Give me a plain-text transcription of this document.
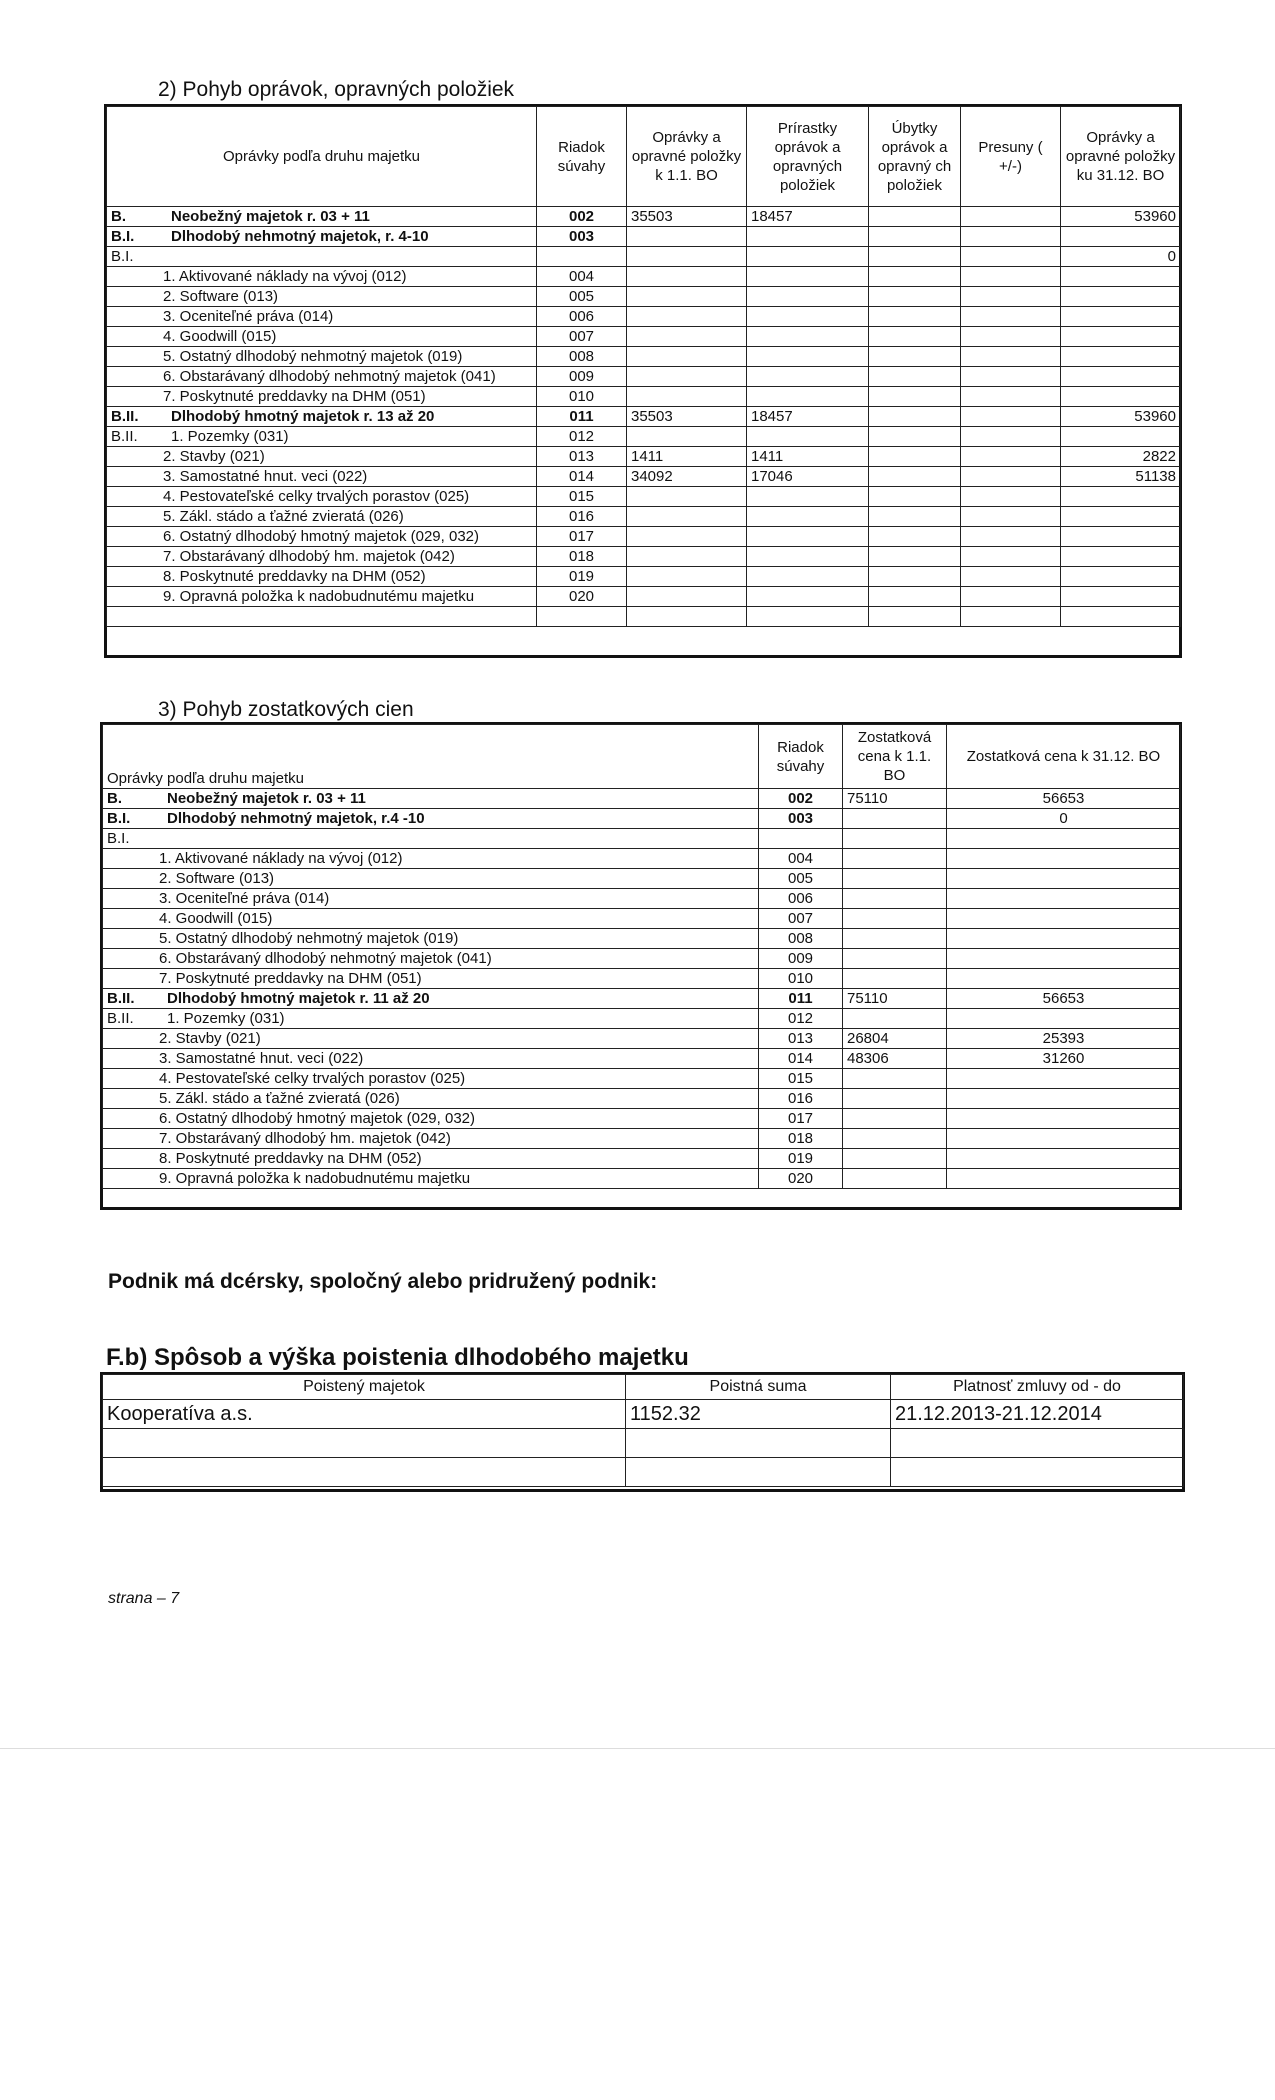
2) Pohyb oprávok, opravných položiek
Oprávky podľa druhu majetku	Riadok súvahy	Oprávky a opravné položky k 1.1. BO	Prírastky oprávok a opravných položiek	Úbytky oprávok a opravný ch položiek	Presuny ( +/-)	Oprávky a opravné položky ku 31.12. BO
B. Neobežný majetok r. 03 + 11	002	35503	18457			53960
B.I. Dlhodobý nehmotný majetok, r. 4-10	003					
B.I.						0
1. Aktivované náklady na vývoj (012)	004					
2. Software (013)	005					
3. Oceniteľné práva (014)	006					
4. Goodwill (015)	007					
5. Ostatný dlhodobý nehmotný majetok (019)	008					
6. Obstarávaný dlhodobý nehmotný majetok (041)	009					
7. Poskytnuté preddavky na DHM (051)	010					
B.II. Dlhodobý hmotný majetok r. 13 až 20	011	35503	18457			53960
B.II. 1. Pozemky (031)	012					
2. Stavby (021)	013	1411	1411			2822
3. Samostatné hnut. veci (022)	014	34092	17046			51138
4. Pestovateľské celky trvalých porastov (025)	015					
5. Zákl. stádo a ťažné zvieratá (026)	016					
6. Ostatný dlhodobý hmotný majetok (029, 032)	017					
7. Obstarávaný dlhodobý hm. majetok (042)	018					
8. Poskytnuté preddavky na DHM (052)	019					
9. Opravná položka k nadobudnutému majetku	020					

3) Pohyb zostatkových cien
Oprávky podľa druhu majetku	Riadok súvahy	Zostatková cena k 1.1. BO	Zostatková cena k 31.12. BO
B. Neobežný majetok r. 03 + 11	002	75110	56653
B.I. Dlhodobý nehmotný majetok, r.4 -10	003		0
B.I.			
1. Aktivované náklady na vývoj (012)	004		
2. Software (013)	005		
3. Oceniteľné práva (014)	006		
4. Goodwill (015)	007		
5. Ostatný dlhodobý nehmotný majetok (019)	008		
6. Obstarávaný dlhodobý nehmotný majetok (041)	009		
7. Poskytnuté preddavky na DHM (051)	010		
B.II. Dlhodobý hmotný majetok r. 11 až 20	011	75110	56653
B.II. 1. Pozemky (031)	012		
2. Stavby (021)	013	26804	25393
3. Samostatné hnut. veci (022)	014	48306	31260
4. Pestovateľské celky trvalých porastov (025)	015		
5. Zákl. stádo a ťažné zvieratá (026)	016		
6. Ostatný dlhodobý hmotný majetok (029, 032)	017		
7. Obstarávaný dlhodobý hm. majetok (042)	018		
8. Poskytnuté preddavky na DHM (052)	019		
9. Opravná položka k nadobudnutému majetku	020		
Podnik má dcérsky, spoločný alebo pridružený podnik:
F.b) Spôsob a výška poistenia dlhodobého majetku
Poistený majetok	Poistná suma	Platnosť zmluvy od - do
Kooperatíva a.s.	1152.32	21.12.2013-21.12.2014

strana – 7
